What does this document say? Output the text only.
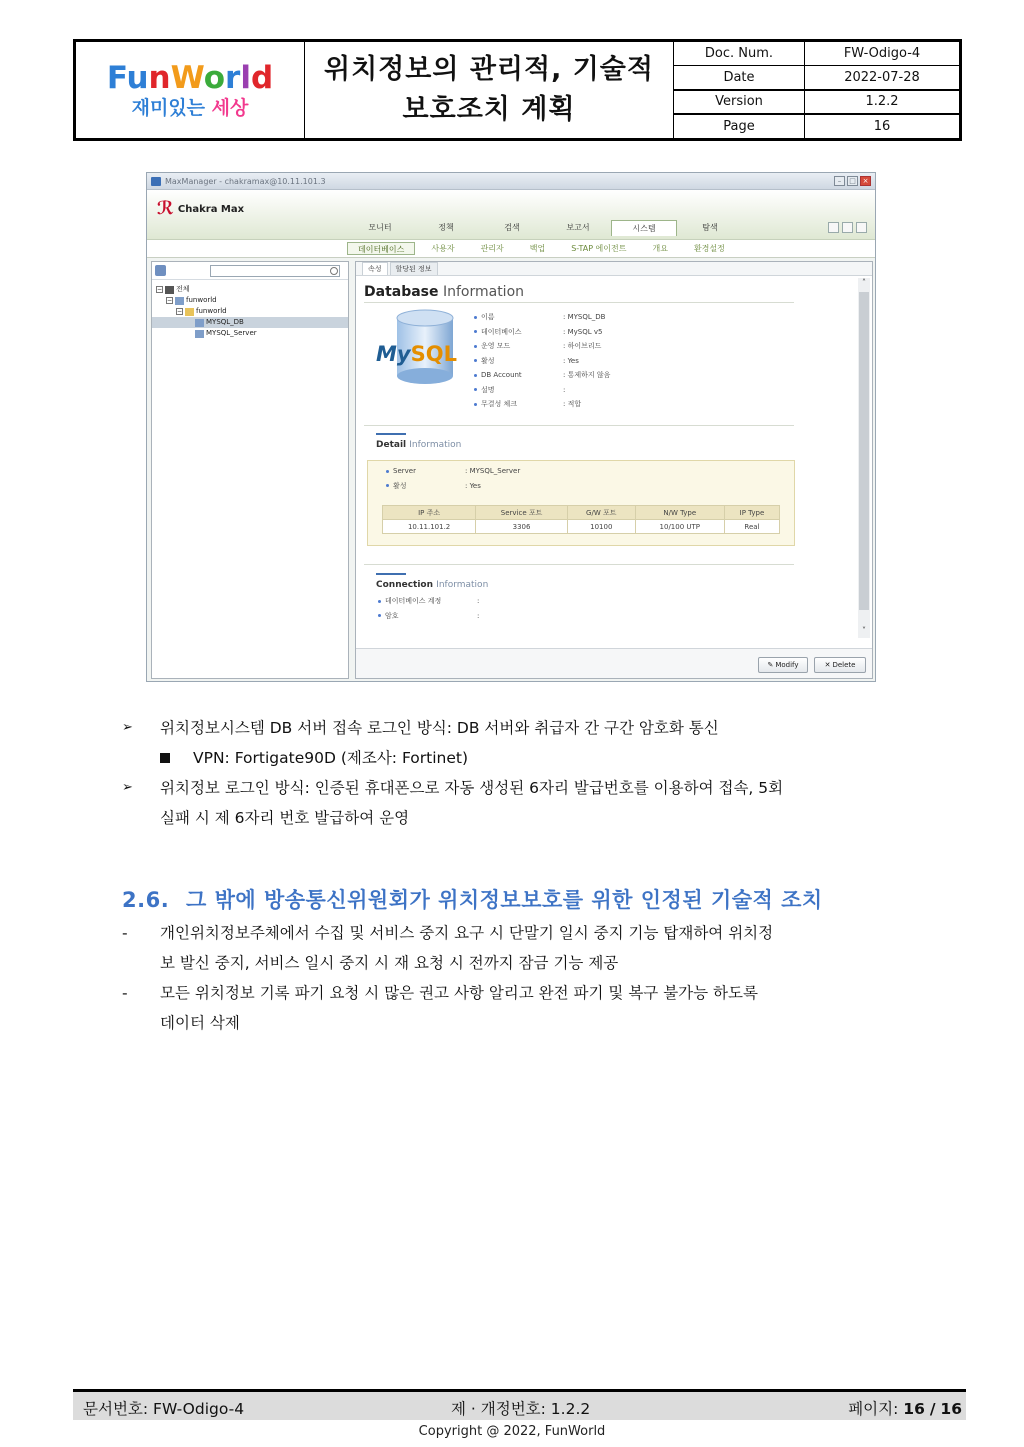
FunWorld
재미있는 세상
위치정보의 관리적, 기술적
보호조치 계획
Doc. Num.	FW-Odigo-4
Date	2022-07-28
Version	1.2.2
Page	16
MaxManager - chakramax@10.11.101.3	–	□ ×
ℛ Chakra Max
모니터	정책	검색	보고서	시스템	탐색
데이터베이스	사용자	관리자	백업	S-TAP 에이전트	개요	환경설정
− 전체
− funworld
− funworld
MYSQL_DB
MYSQL_Server
속성	할당된 정보
Database Information
MySQL
이름	: MYSQL_DB
데이터베이스	: MySQL v5
운영 모드	: 하이브리드
활성	: Yes
DB Account	: 통제하지 않음
설명	:
무결성 체크	: 적합
Detail Information
Server	: MYSQL_Server
활성	: Yes
IP 주소	Service 포트	G/W 포트	N/W Type	IP Type
10.11.101.2	3306	10100	10/100 UTP	Real
Connection Information
데이터베이스 계정	:
암호	:
˄
˅
✎ Modify	✕ Delete
➢ 위치정보시스템 DB 서버 접속 로그인 방식: DB 서버와 취급자 간 구간 암호화 통신
VPN: Fortigate90D (제조사: Fortinet)
➢ 위치정보 로그인 방식: 인증된 휴대폰으로 자동 생성된 6자리 발급번호를 이용하여 접속, 5회
실패 시 제 6자리 번호 발급하여 운영
2.6. 그 밖에 방송통신위원회가 위치정보보호를 위한 인정된 기술적 조치
- 개인위치정보주체에서 수집 및 서비스 중지 요구 시 단말기 일시 중지 기능 탑재하여 위치정
보 발신 중지, 서비스 일시 중지 시 재 요청 시 전까지 잠금 기능 제공
- 모든 위치정보 기록 파기 요청 시 많은 권고 사항 알리고 완전 파기 및 복구 불가능 하도록
데이터 삭제
문서번호: FW-Odigo-4	제 · 개정번호: 1.2.2	페이지: 16 / 16
Copyright @ 2022, FunWorld
